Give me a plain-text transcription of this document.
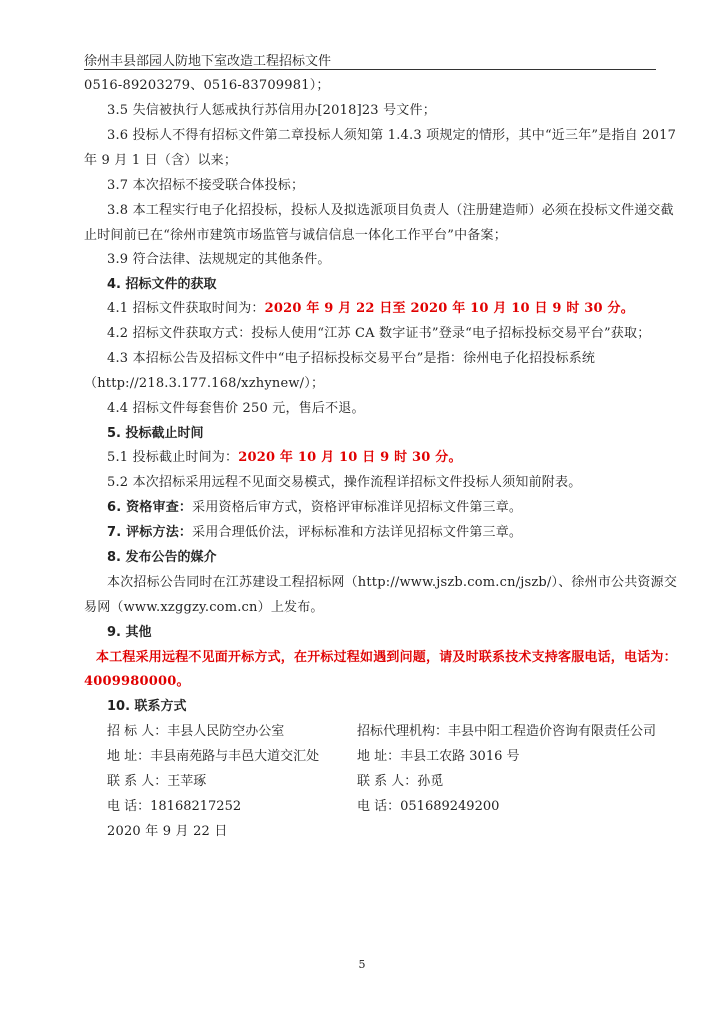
徐州丰县部园人防地下室改造工程招标文件
0516-89203279、0516-83709981）；
3.5 失信被执行人惩戒执行苏信用办[2018]23 号文件；
3.6 投标人不得有招标文件第二章投标人须知第 1.4.3 项规定的情形，其中“近三年”是指自 2017
年 9 月 1 日（含）以来；
3.7 本次招标不接受联合体投标；
3.8 本工程实行电子化招投标，投标人及拟选派项目负责人（注册建造师）必须在投标文件递交截
止时间前已在“徐州市建筑市场监管与诚信信息一体化工作平台”中备案；
3.9 符合法律、法规规定的其他条件。
4. 招标文件的获取
4.1 招标文件获取时间为：2020 年 9 月 22 日至 2020 年 10 月 10 日 9 时 30 分。
4.2 招标文件获取方式：投标人使用“江苏 CA 数字证书”登录“电子招标投标交易平台”获取；
4.3 本招标公告及招标文件中“电子招标投标交易平台”是指：徐州电子化招投标系统
（http://218.3.177.168/xzhynew/）；
4.4 招标文件每套售价 250 元，售后不退。
5. 投标截止时间
5.1 投标截止时间为：2020 年 10 月 10 日 9 时 30 分。
5.2 本次招标采用远程不见面交易模式，操作流程详招标文件投标人须知前附表。
6. 资格审查：采用资格后审方式，资格评审标准详见招标文件第三章。
7. 评标方法：采用合理低价法，评标标准和方法详见招标文件第三章。
8. 发布公告的媒介
本次招标公告同时在江苏建设工程招标网（http://www.jszb.com.cn/jszb/）、徐州市公共资源交
易网（www.xzggzy.com.cn）上发布。
9. 其他
本工程采用远程不见面开标方式，在开标过程如遇到问题，请及时联系技术支持客服电话，电话为：
4009980000。
10. 联系方式
招 标 人：丰县人民防空办公室
地 址：丰县南苑路与丰邑大道交汇处
联 系 人：王苹琢
电 话：18168217252
招标代理机构：丰县中阳工程造价咨询有限责任公司
地 址：丰县工农路 3016 号
联 系 人：孙觅
电 话：051689249200
2020 年 9 月 22 日
5
